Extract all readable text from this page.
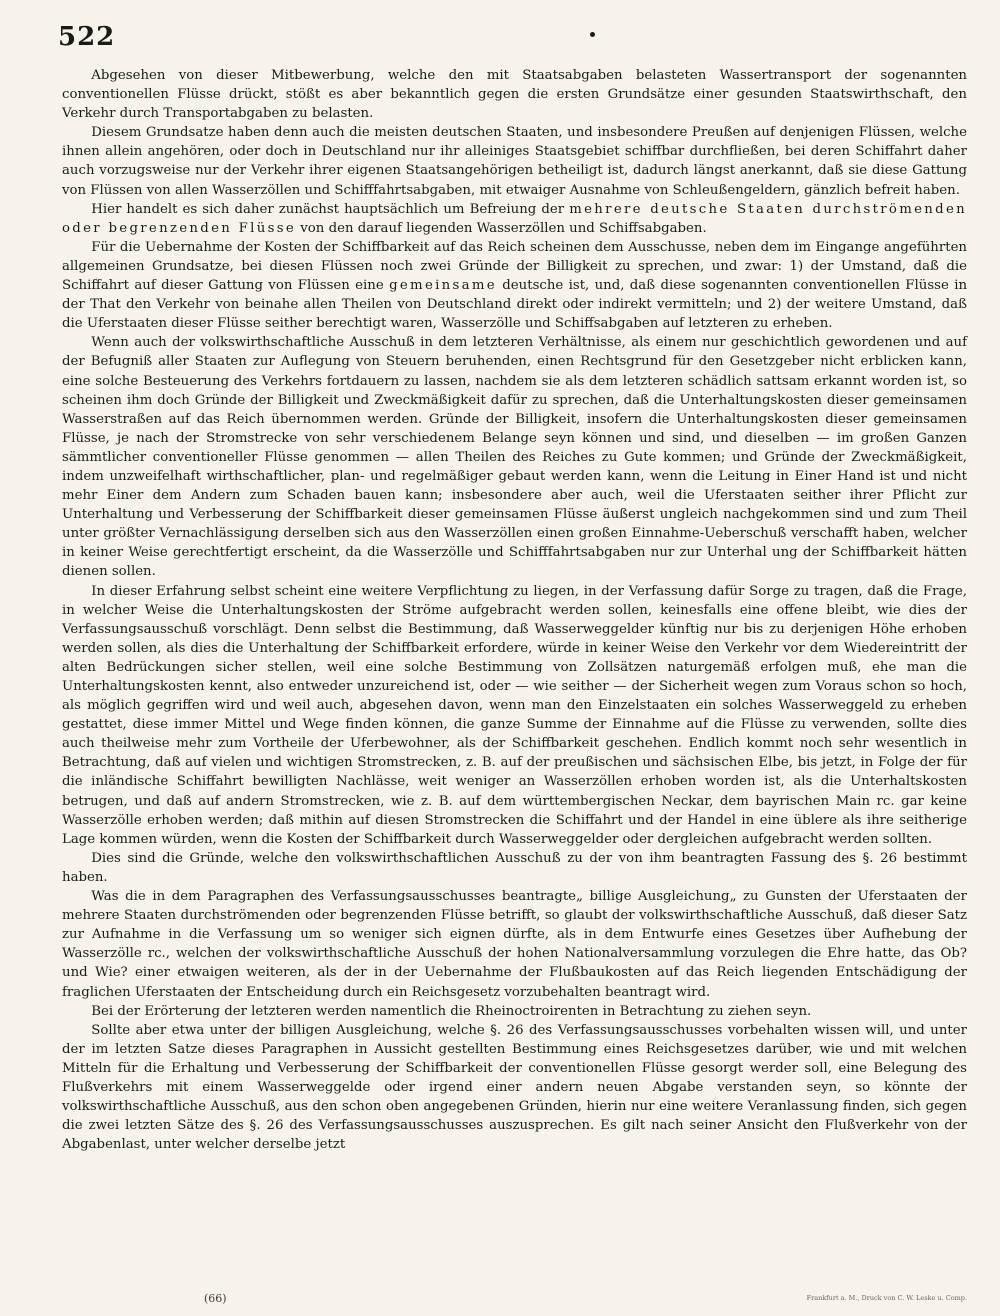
522

Abgesehen von dieser Mitbewerbung, welche den mit Staatsabgaben belasteten Wassertransport der sogenannten conventionellen Flüsse drückt, stößt es aber bekanntlich gegen die ersten Grundsätze einer gesunden Staatswirthschaft, den Verkehr durch Transportabgaben zu belasten.

Diesem Grundsatze haben denn auch die meisten deutschen Staaten, und insbesondere Preußen auf denjenigen Flüssen, welche ihnen allein angehören, oder doch in Deutschland nur ihr alleiniges Staatsgebiet schiffbar durchfließen, bei deren Schiffahrt daher auch vorzugsweise nur der Verkehr ihrer eigenen Staatsangehörigen betheiligt ist, dadurch längst anerkannt, daß sie diese Gattung von Flüssen von allen Wasserzöllen und Schifffahrtsabgaben, mit etwaiger Ausnahme von Schleußengeldern, gänzlich befreit haben.

Hier handelt es sich daher zunächst hauptsächlich um Befreiung der mehrere deutsche Staaten durchströmenden oder begrenzenden Flüsse von den darauf liegenden Wasserzöllen und Schiffsabgaben.

Für die Uebernahme der Kosten der Schiffbarkeit auf das Reich scheinen dem Ausschusse, neben dem im Eingange angeführten allgemeinen Grundsatze, bei diesen Flüssen noch zwei Gründe der Billigkeit zu sprechen, und zwar: 1) der Umstand, daß die Schiffahrt auf dieser Gattung von Flüssen eine gemeinsame deutsche ist, und, daß diese sogenannten conventionellen Flüsse in der That den Verkehr von beinahe allen Theilen von Deutschland direkt oder indirekt vermitteln; und 2) der weitere Umstand, daß die Uferstaaten dieser Flüsse seither berechtigt waren, Wasserzölle und Schiffsabgaben auf letzteren zu erheben.

Wenn auch der volkswirthschaftliche Ausschuß in dem letzteren Verhältnisse, als einem nur geschichtlich gewordenen und auf der Befugniß aller Staaten zur Auflegung von Steuern beruhenden, einen Rechtsgrund für den Gesetzgeber nicht erblicken kann, eine solche Besteuerung des Verkehrs fortdauern zu lassen, nachdem sie als dem letzteren schädlich sattsam erkannt worden ist, so scheinen ihm doch Gründe der Billigkeit und Zweckmäßigkeit dafür zu sprechen, daß die Unterhaltungskosten dieser gemeinsamen Wasserstraßen auf das Reich übernommen werden. Gründe der Billigkeit, insofern die Unterhaltungskosten dieser gemeinsamen Flüsse, je nach der Stromstrecke von sehr verschiedenem Belange seyn können und sind, und dieselben — im großen Ganzen sämmtlicher conventioneller Flüsse genommen — allen Theilen des Reiches zu Gute kommen; und Gründe der Zweckmäßigkeit, indem unzweifelhaft wirthschaftlicher, plan- und regelmäßiger gebaut werden kann, wenn die Leitung in Einer Hand ist und nicht mehr Einer dem Andern zum Schaden bauen kann; insbesondere aber auch, weil die Uferstaaten seither ihrer Pflicht zur Unterhaltung und Verbesserung der Schiffbarkeit dieser gemeinsamen Flüsse äußerst ungleich nachgekommen sind und zum Theil unter größter Vernachlässigung derselben sich aus den Wasserzöllen einen großen Einnahme-Ueberschuß verschafft haben, welcher in keiner Weise gerechtfertigt erscheint, da die Wasserzölle und Schifffahrtsabgaben nur zur Unterhal ung der Schiffbarkeit hätten dienen sollen.

In dieser Erfahrung selbst scheint eine weitere Verpflichtung zu liegen, in der Verfassung dafür Sorge zu tragen, daß die Frage, in welcher Weise die Unterhaltungskosten der Ströme aufgebracht werden sollen, keinesfalls eine offene bleibt, wie dies der Verfassungsausschuß vorschlägt. Denn selbst die Bestimmung, daß Wasserweggelder künftig nur bis zu derjenigen Höhe erhoben werden sollen, als dies die Unterhaltung der Schiffbarkeit erfordere, würde in keiner Weise den Verkehr vor dem Wiedereintritt der alten Bedrückungen sicher stellen, weil eine solche Bestimmung von Zollsätzen naturgemäß erfolgen muß, ehe man die Unterhaltungskosten kennt, also entweder unzureichend ist, oder — wie seither — der Sicherheit wegen zum Voraus schon so hoch, als möglich gegriffen wird und weil auch, abgesehen davon, wenn man den Einzelstaaten ein solches Wasserweggeld zu erheben gestattet, diese immer Mittel und Wege finden können, die ganze Summe der Einnahme auf die Flüsse zu verwenden, sollte dies auch theilweise mehr zum Vortheile der Uferbewohner, als der Schiffbarkeit geschehen. Endlich kommt noch sehr wesentlich in Betrachtung, daß auf vielen und wichtigen Stromstrecken, z. B. auf der preußischen und sächsischen Elbe, bis jetzt, in Folge der für die inländische Schiffahrt bewilligten Nachlässe, weit weniger an Wasserzöllen erhoben worden ist, als die Unterhaltskosten betrugen, und daß auf andern Stromstrecken, wie z. B. auf dem württembergischen Neckar, dem bayrischen Main rc. gar keine Wasserzölle erhoben werden; daß mithin auf diesen Stromstrecken die Schiffahrt und der Handel in eine üblere als ihre seitherige Lage kommen würden, wenn die Kosten der Schiffbarkeit durch Wasserweggelder oder dergleichen aufgebracht werden sollten.

Dies sind die Gründe, welche den volkswirthschaftlichen Ausschuß zu der von ihm beantragten Fassung des §. 26 bestimmt haben.

Was die in dem Paragraphen des Verfassungsausschusses beantragte„ billige Ausgleichung„ zu Gunsten der Uferstaaten der mehrere Staaten durchströmenden oder begrenzenden Flüsse betrifft, so glaubt der volkswirthschaftliche Ausschuß, daß dieser Satz zur Aufnahme in die Verfassung um so weniger sich eignen dürfte, als in dem Entwurfe eines Gesetzes über Aufhebung der Wasserzölle rc., welchen der volkswirthschaftliche Ausschuß der hohen Nationalversammlung vorzulegen die Ehre hatte, das Ob? und Wie? einer etwaigen weiteren, als der in der Uebernahme der Flußbaukosten auf das Reich liegenden Entschädigung der fraglichen Uferstaaten der Entscheidung durch ein Reichsgesetz vorzubehalten beantragt wird.

Bei der Erörterung der letzteren werden namentlich die Rheinoctroirenten in Betrachtung zu ziehen seyn.

Sollte aber etwa unter der billigen Ausgleichung, welche §. 26 des Verfassungsausschusses vorbehalten wissen will, und unter der im letzten Satze dieses Paragraphen in Aussicht gestellten Bestimmung eines Reichsgesetzes darüber, wie und mit welchen Mitteln für die Erhaltung und Verbesserung der Schiffbarkeit der conventionellen Flüsse gesorgt werder soll, eine Belegung des Flußverkehrs mit einem Wasserweggelde oder irgend einer andern neuen Abgabe verstanden seyn, so könnte der volkswirthschaftliche Ausschuß, aus den schon oben angegebenen Gründen, hierin nur eine weitere Veranlassung finden, sich gegen die zwei letzten Sätze des §. 26 des Verfassungsausschusses auszusprechen. Es gilt nach seiner Ansicht den Flußverkehr von der Abgabenlast, unter welcher derselbe jetzt

(66)	Frankfurt a. M., Druck von C. W. Leske u. Comp.
